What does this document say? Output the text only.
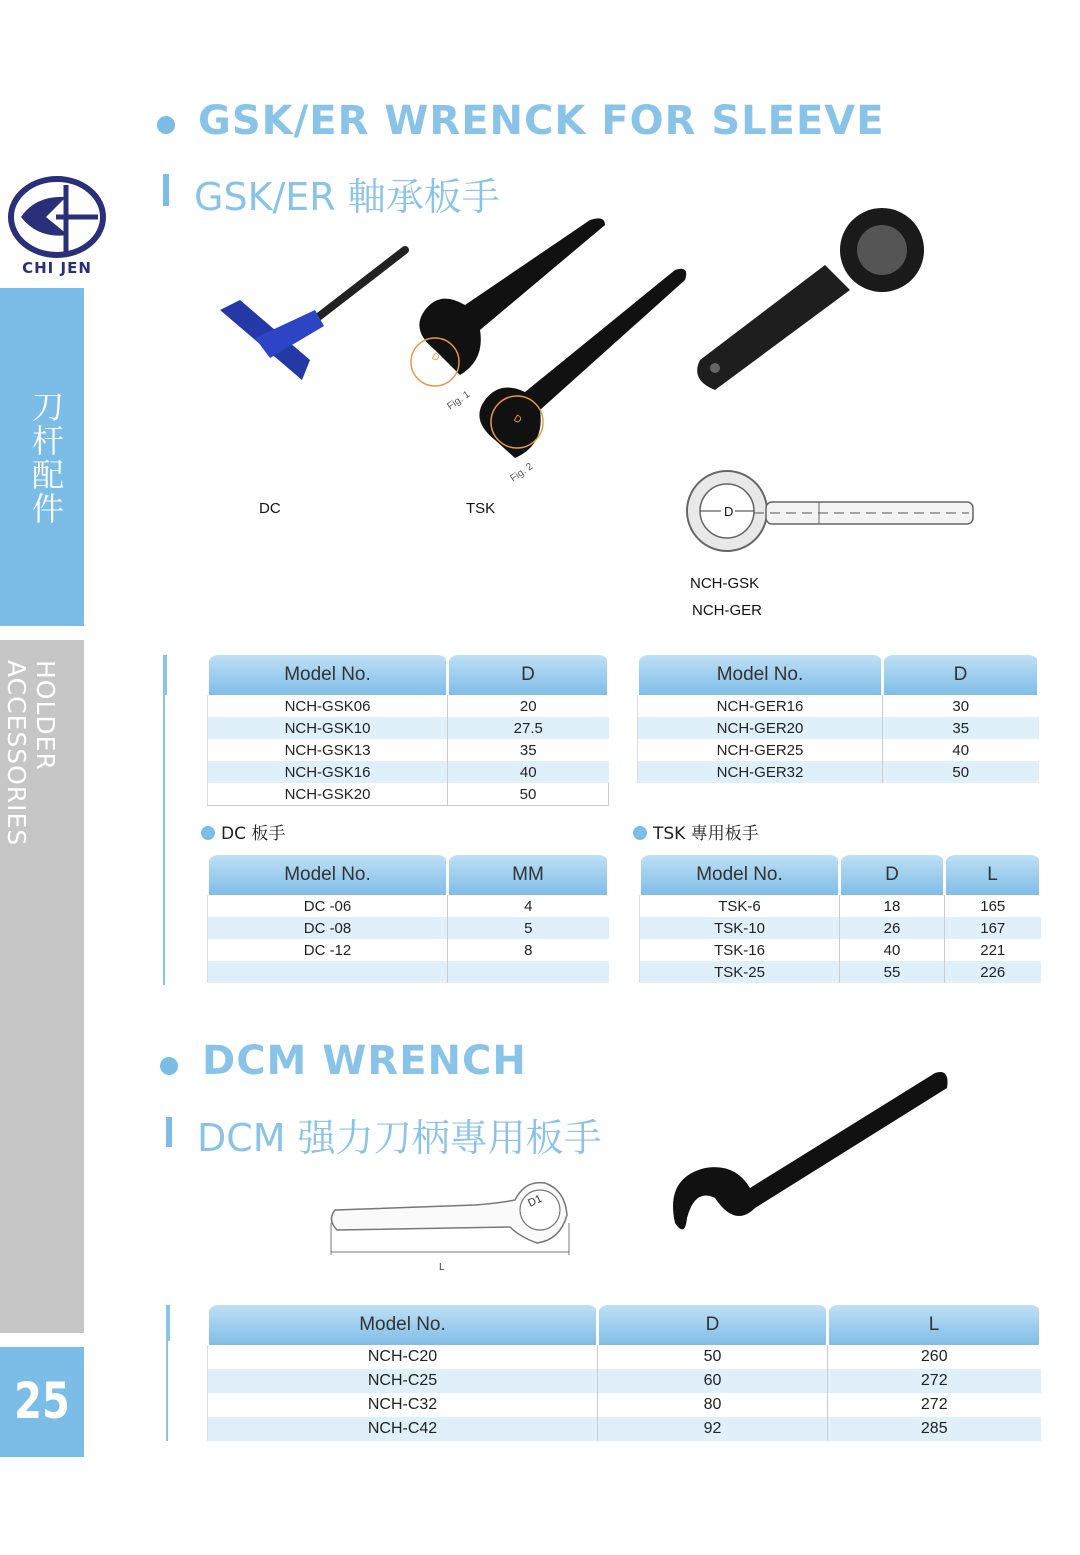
CHI JEN
刀杆配件
HOLDER ACCESSORIES
25
GSK/ER WRENCK FOR SLEEVE
GSK/ER 軸承板手
D
Fig. 1
D
Fig. 2
DC	TSK	D
NCH-GSK
NCH-GER
Model No.	D
NCH-GSK06	20
NCH-GSK10	27.5
NCH-GSK13	35
NCH-GSK16	40
NCH-GSK20	50
Model No.	D
NCH-GER16	30
NCH-GER20	35
NCH-GER25	40
NCH-GER32	50
DC 板手	TSK 專用板手
Model No.	MM
DC -06	4
DC -08	5
DC -12	8

Model No.	D	L
TSK-6	18	165
TSK-10	26	167
TSK-16	40	221
TSK-25	55	226
DCM WRENCH
DCM 强力刀柄專用板手
D1
L
Model No.	D	L
NCH-C20	50	260
NCH-C25	60	272
NCH-C32	80	272
NCH-C42	92	285
